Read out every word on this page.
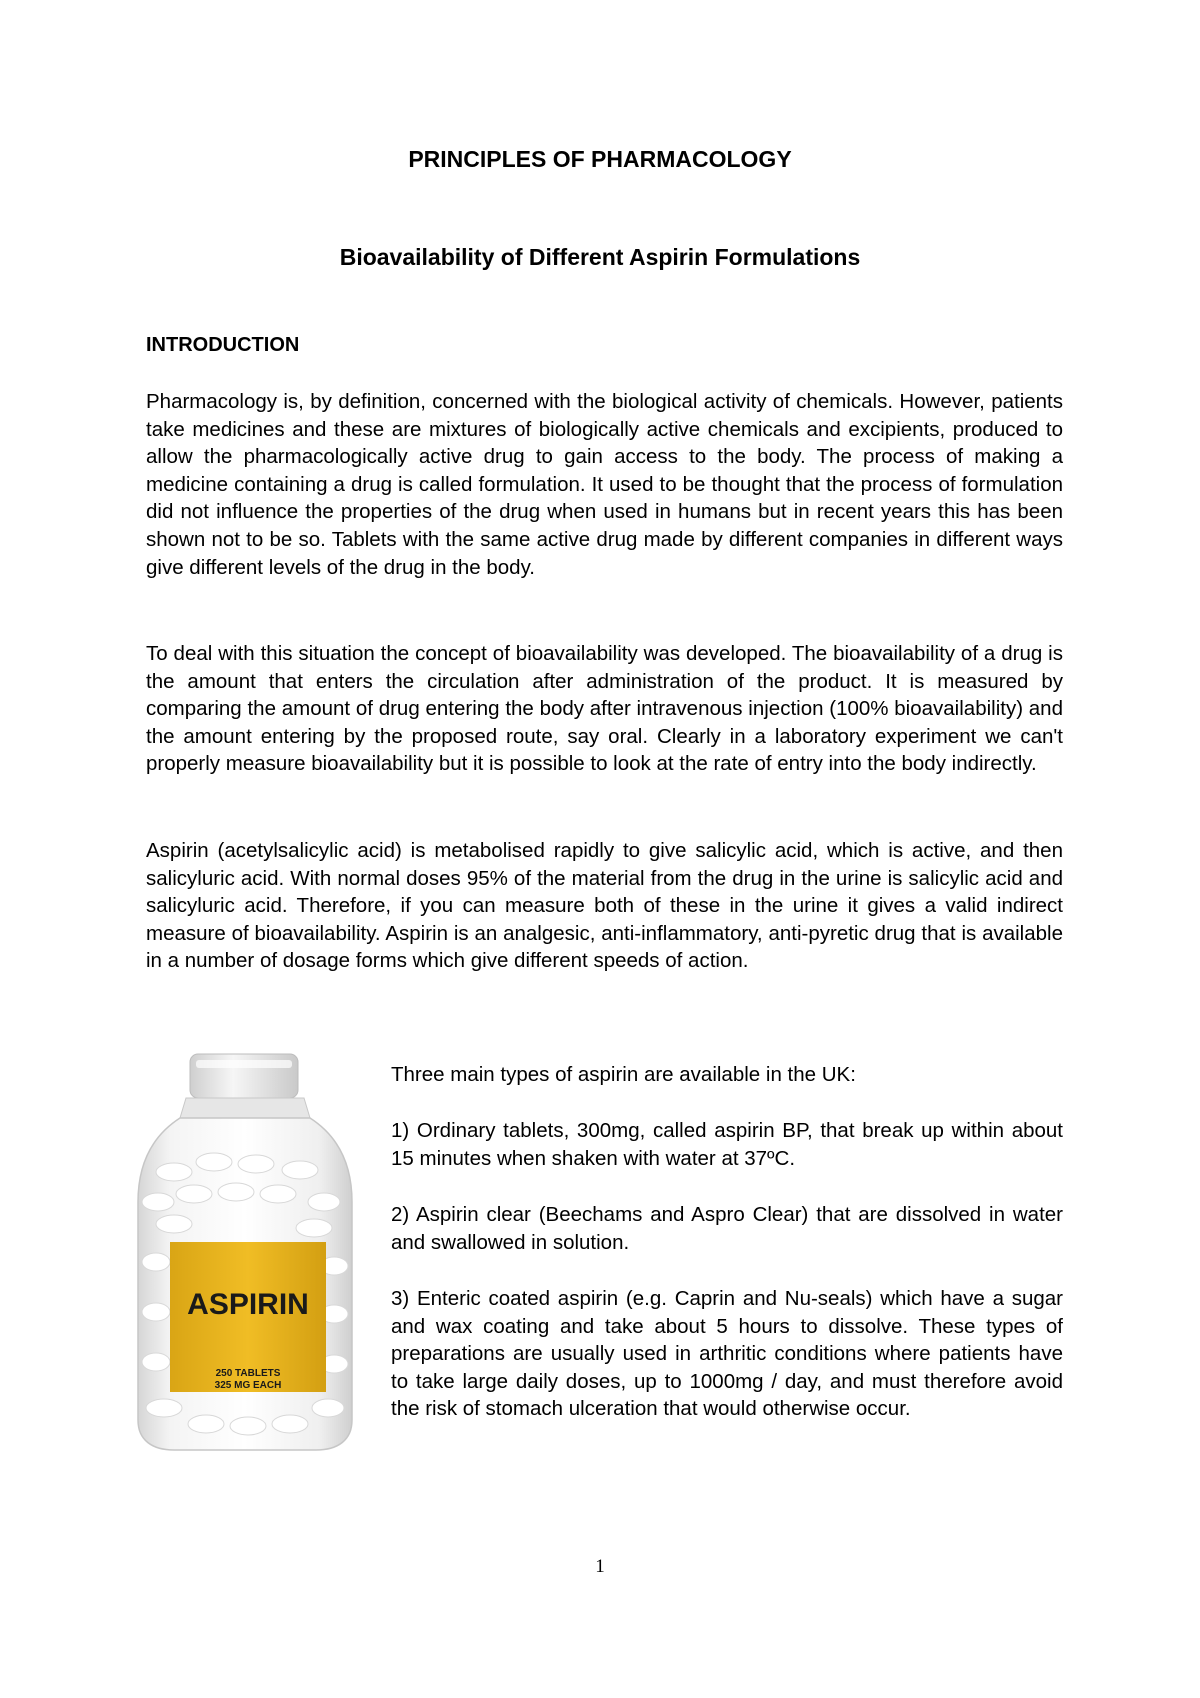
PRINCIPLES OF PHARMACOLOGY
Bioavailability of Different Aspirin Formulations
INTRODUCTION

Pharmacology is, by definition, concerned with the biological activity of chemicals. However, patients take medicines and these are mixtures of biologically active chemicals and excipients, produced to allow the pharmacologically active drug to gain access to the body. The process of making a medicine containing a drug is called formulation. It used to be thought that the process of formulation did not influence the properties of the drug when used in humans but in recent years this has been shown not to be so. Tablets with the same active drug made by different companies in different ways give different levels of the drug in the body.

To deal with this situation the concept of bioavailability was developed. The bioavailability of a drug is the amount that enters the circulation after administration of the product. It is measured by comparing the amount of drug entering the body after intravenous injection (100% bioavailability) and the amount entering by the proposed route, say oral. Clearly in a laboratory experiment we can't properly measure bioavailability but it is possible to look at the rate of entry into the body indirectly.

Aspirin (acetylsalicylic acid) is metabolised rapidly to give salicylic acid, which is active, and then salicyluric acid. With normal doses 95% of the material from the drug in the urine is salicylic acid and salicyluric acid. Therefore, if you can measure both of these in the urine it gives a valid indirect measure of bioavailability. Aspirin is an analgesic, anti-inflammatory, anti-pyretic drug that is available in a number of dosage forms which give different speeds of action.

ASPIRIN
250 TABLETS
325 MG EACH

Three main types of aspirin are available in the UK:

1) Ordinary tablets, 300mg, called aspirin BP, that break up within about 15 minutes when shaken with water at 37ºC.

2) Aspirin clear (Beechams and Aspro Clear) that are dissolved in water and swallowed in solution.

3) Enteric coated aspirin (e.g. Caprin and Nu-seals) which have a sugar and wax coating and take about 5 hours to dissolve. These types of preparations are usually used in arthritic conditions where patients have to take large daily doses, up to 1000mg / day, and must therefore avoid the risk of stomach ulceration that would otherwise occur.

1
